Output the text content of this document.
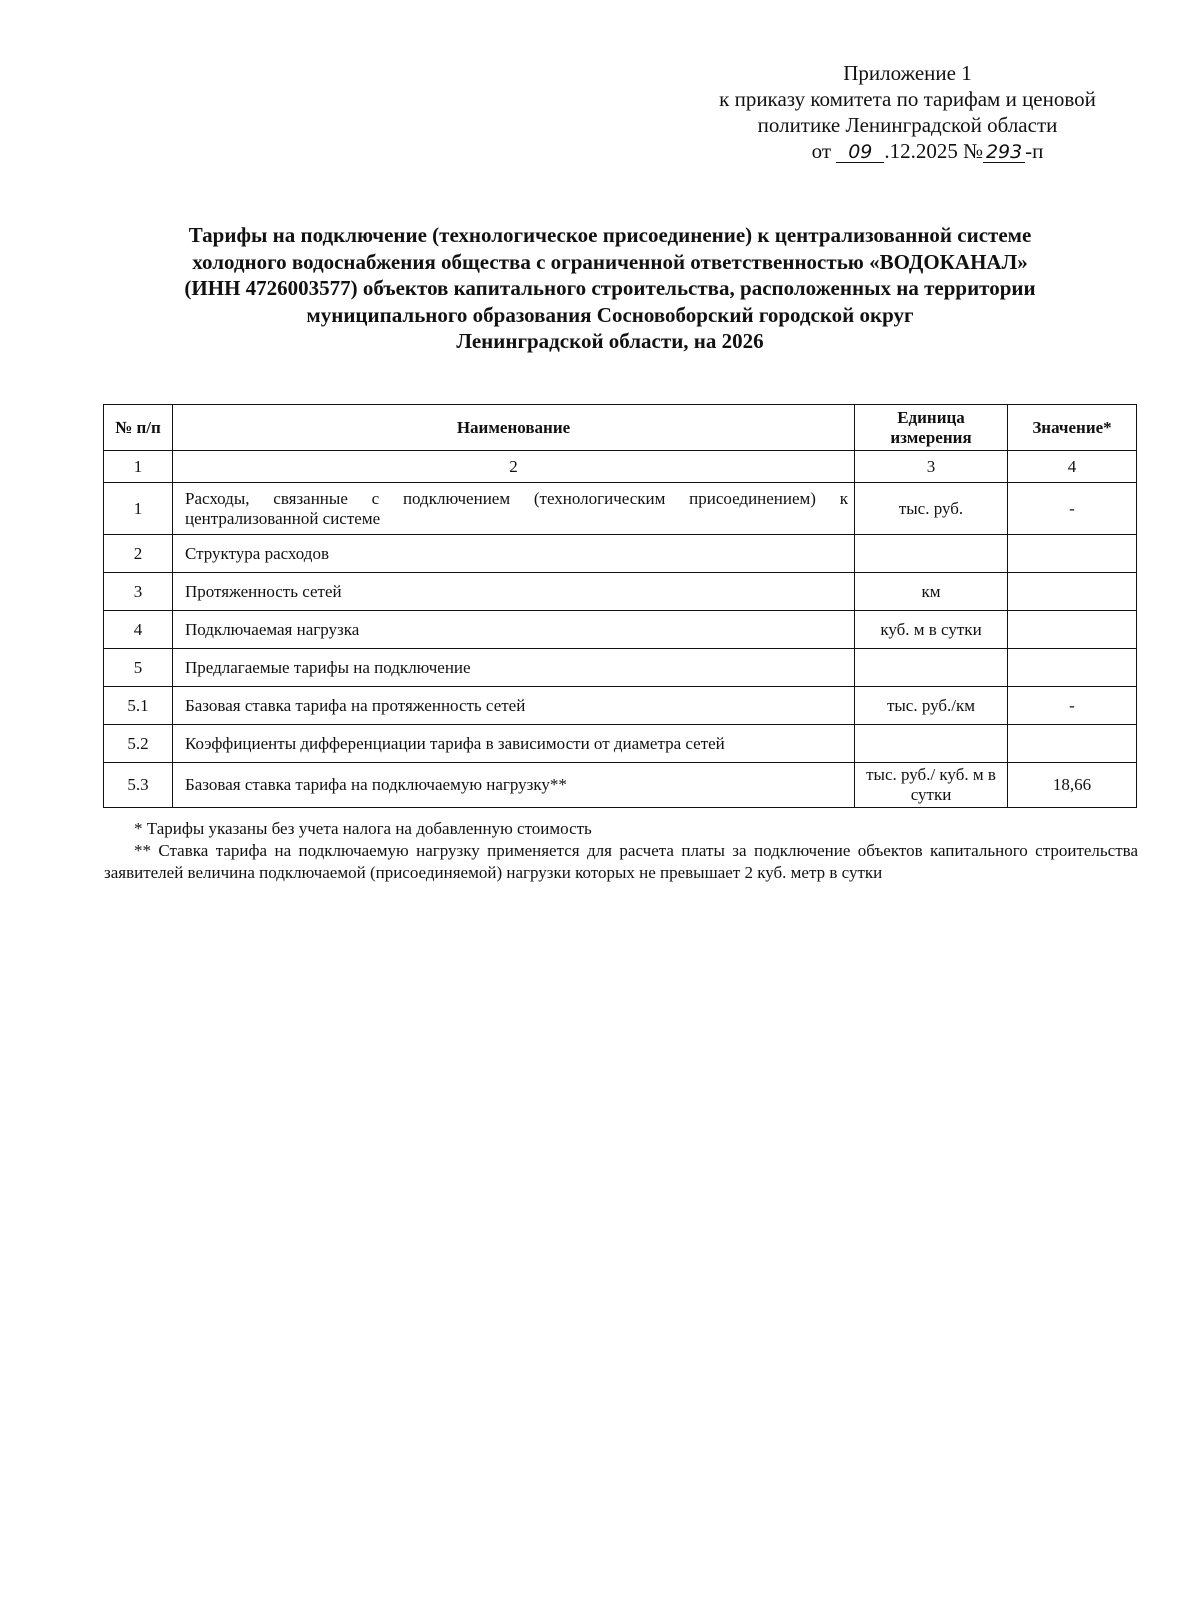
Приложение 1
к приказу комитета по тарифам и ценовой
политике Ленинградской области
от 09 .12.2025 № 293 -п
Тарифы на подключение (технологическое присоединение) к централизованной системе
холодного водоснабжения общества с ограниченной ответственностью «ВОДОКАНАЛ»
(ИНН 4726003577) объектов капитального строительства, расположенных на территории
муниципального образования Сосновоборский городской округ
Ленинградской области, на 2026
№ п/п	Наименование	Единица измерения	Значение*
1	2	3	4
1	Расходы, связанные с подключением (технологическим присоединением) к централизованной системе	тыс. руб.	-
2	Структура расходов		
3	Протяженность сетей	км	
4	Подключаемая нагрузка	куб. м в сутки	
5	Предлагаемые тарифы на подключение		
5.1	Базовая ставка тарифа на протяженность сетей	тыс. руб./км	-
5.2	Коэффициенты дифференциации тарифа в зависимости от диаметра сетей		
5.3	Базовая ставка тарифа на подключаемую нагрузку**	тыс. руб./ куб. м в сутки	18,66

* Тарифы указаны без учета налога на добавленную стоимость

** Ставка тарифа на подключаемую нагрузку применяется для расчета платы за подключение объектов капитального строительства заявителей величина подключаемой (присоединяемой) нагрузки которых не превышает 2 куб. метр в сутки
